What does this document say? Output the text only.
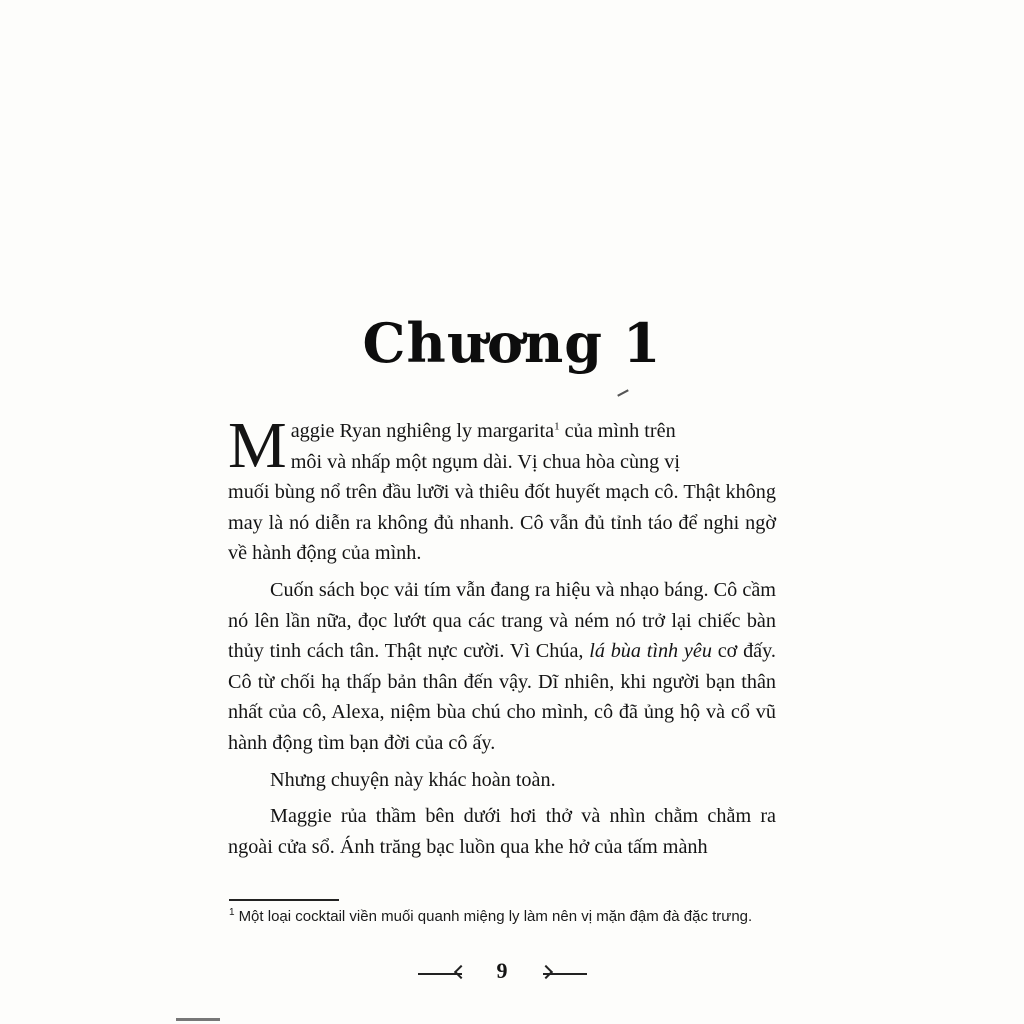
Chương 1

M aggie Ryan nghiêng ly margarita$^1$ của mình trên
môi và nhấp một ngụm dài. Vị chua hòa cùng vị
muối bùng nổ trên đầu lưỡi và thiêu đốt huyết mạch cô. Thật không may là nó diễn ra không đủ nhanh. Cô vẫn đủ tỉnh táo để nghi ngờ về hành động của mình.

Cuốn sách bọc vải tím vẫn đang ra hiệu và nhạo báng. Cô cầm nó lên lần nữa, đọc lướt qua các trang và ném nó trở lại chiếc bàn thủy tinh cách tân. Thật nực cười. Vì Chúa, lá bùa tình yêu cơ đấy. Cô từ chối hạ thấp bản thân đến vậy. Dĩ nhiên, khi người bạn thân nhất của cô, Alexa, niệm bùa chú cho mình, cô đã ủng hộ và cổ vũ hành động tìm bạn đời của cô ấy.

Nhưng chuyện này khác hoàn toàn.

Maggie rủa thầm bên dưới hơi thở và nhìn chằm chằm ra ngoài cửa sổ. Ánh trăng bạc luồn qua khe hở của tấm mành

$^1$ Một loại cocktail viền muối quanh miệng ly làm nên vị mặn đậm đà đặc trưng.
9
